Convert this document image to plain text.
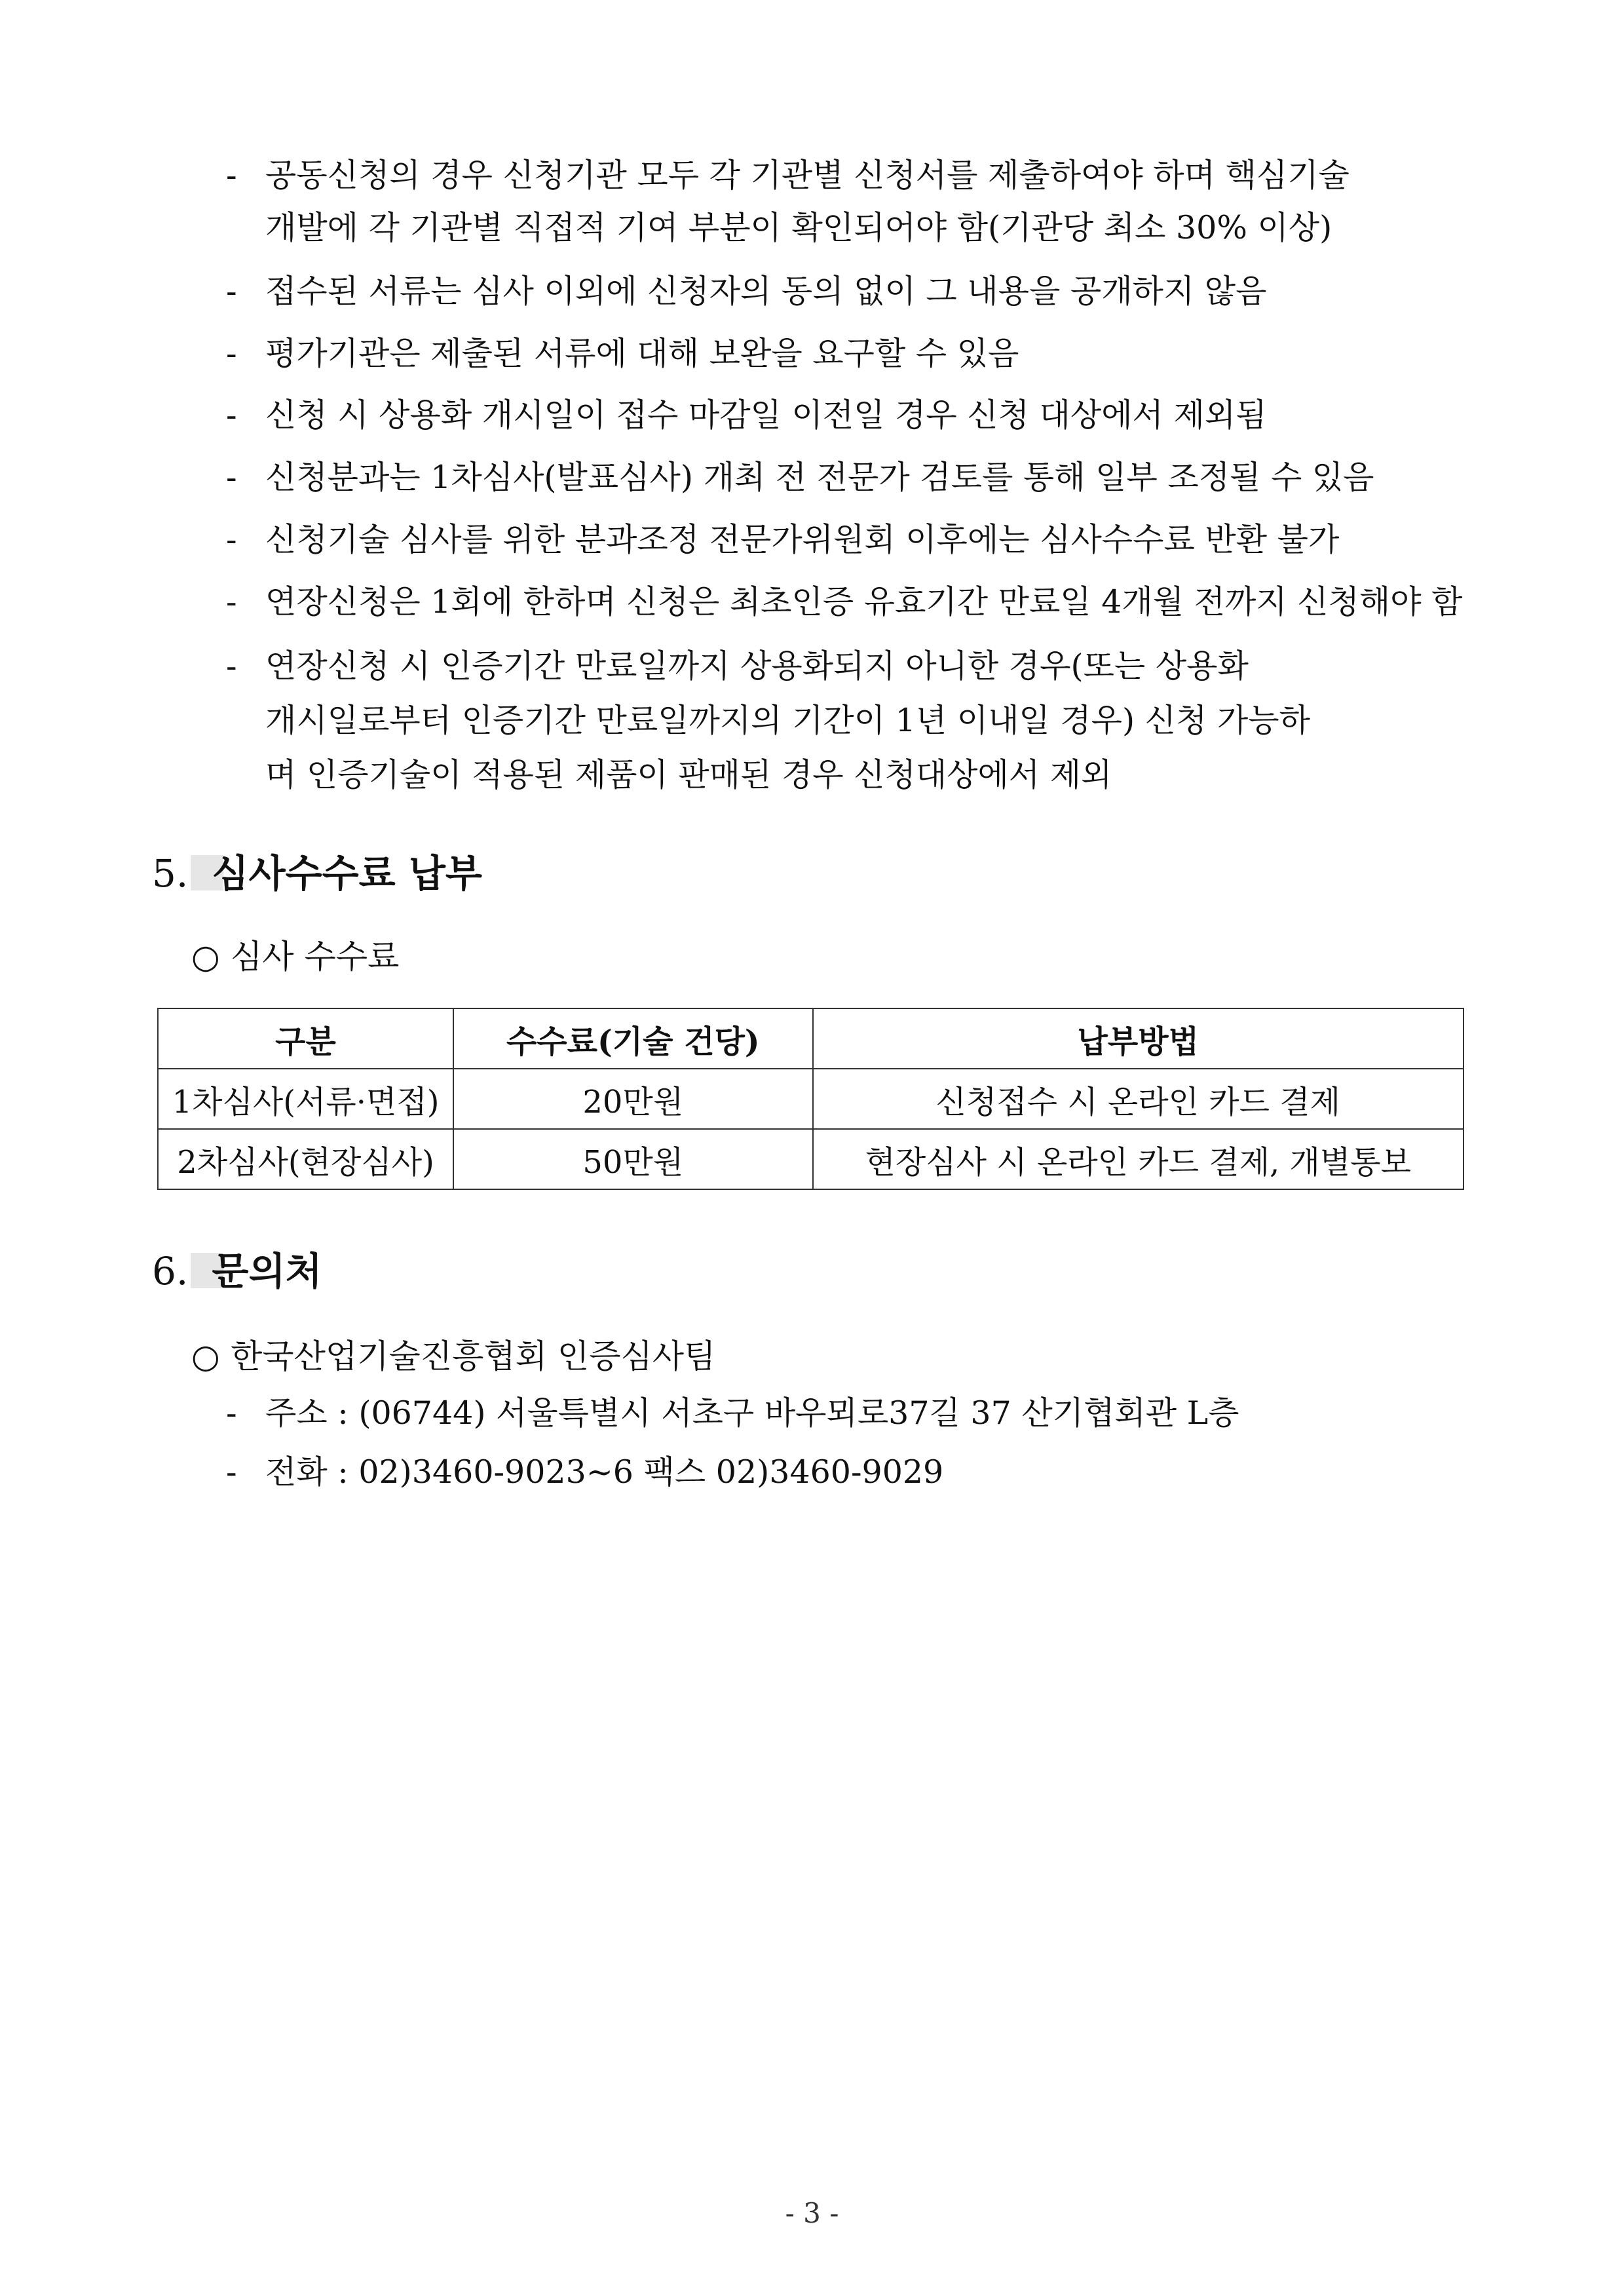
- 공동신청의 경우 신청기관 모두 각 기관별 신청서를 제출하여야 하며 핵심기술
개발에 각 기관별 직접적 기여 부분이 확인되어야 함(기관당 최소 30% 이상)
- 접수된 서류는 심사 이외에 신청자의 동의 없이 그 내용을 공개하지 않음
- 평가기관은 제출된 서류에 대해 보완을 요구할 수 있음
- 신청 시 상용화 개시일이 접수 마감일 이전일 경우 신청 대상에서 제외됨
- 신청분과는 1차심사(발표심사) 개최 전 전문가 검토를 통해 일부 조정될 수 있음
- 신청기술 심사를 위한 분과조정 전문가위원회 이후에는 심사수수료 반환 불가
- 연장신청은 1회에 한하며 신청은 최초인증 유효기간 만료일 4개월 전까지 신청해야 함
- 연장신청 시 인증기간 만료일까지 상용화되지 아니한 경우(또는 상용화
개시일로부터 인증기간 만료일까지의 기간이 1년 이내일 경우) 신청 가능하
며 인증기술이 적용된 제품이 판매된 경우 신청대상에서 제외
5. 심사수수료 납부
○ 심사 수수료
구분	수수료(기술 건당)	납부방법
1차심사(서류·면접)	20만원	신청접수 시 온라인 카드 결제
2차심사(현장심사)	50만원	현장심사 시 온라인 카드 결제, 개별통보
6. 문의처
○ 한국산업기술진흥협회 인증심사팀
- 주소 : (06744) 서울특별시 서초구 바우뫼로37길 37 산기협회관 L층
- 전화 : 02)3460-9023~6 팩스 02)3460-9029
- 3 -
